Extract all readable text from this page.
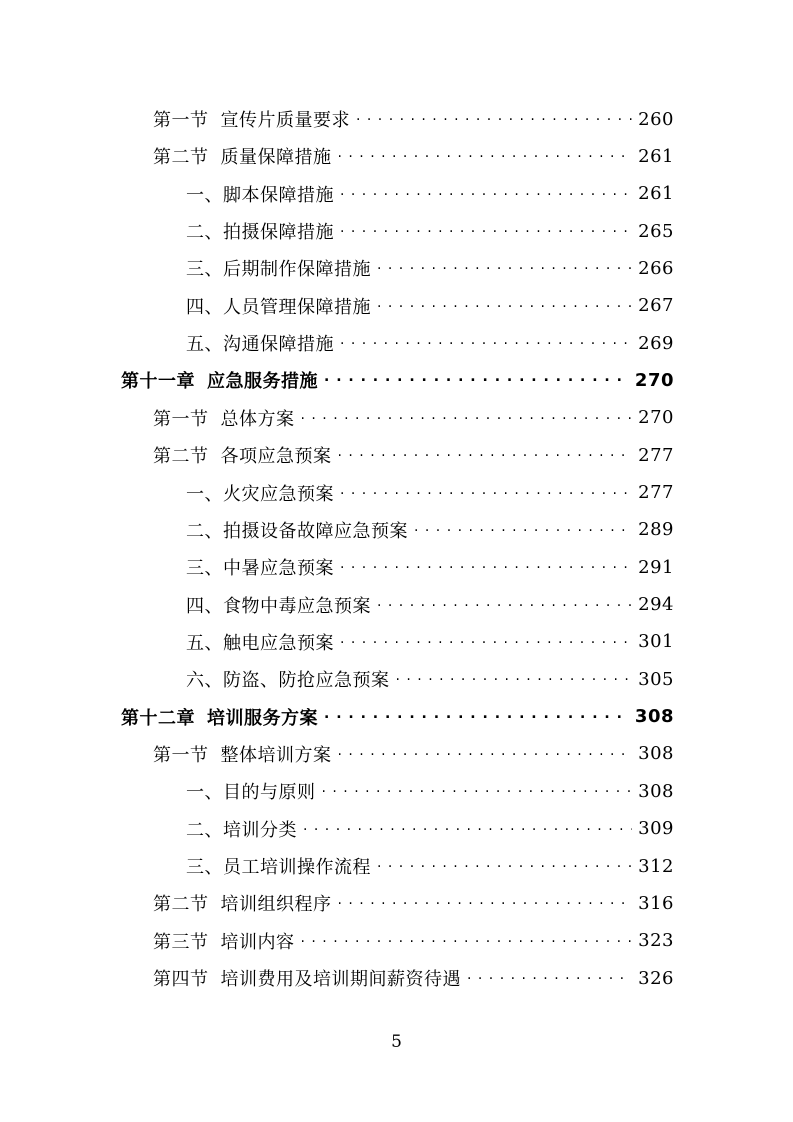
第一节 宣传片质量要求 . . .	260
第二节 质量保障措施 . . .	261
一、脚本保障措施 . . .	261
二、拍摄保障措施 . . .	265
三、后期制作保障措施 . . .	266
四、人员管理保障措施 . . .	267
五、沟通保障措施 . . .	269
第十一章 应急服务措施 . . .	270
第一节 总体方案 . . .	270
第二节 各项应急预案 . . .	277
一、火灾应急预案 . . .	277
二、拍摄设备故障应急预案 . . .	289
三、中暑应急预案 . . .	291
四、食物中毒应急预案 . . .	294
五、触电应急预案 . . .	301
六、防盗、防抢应急预案 . . .	305
第十二章 培训服务方案 . . .	308
第一节 整体培训方案 . . .	308
一、目的与原则 . . .	308
二、培训分类 . . .	309
三、员工培训操作流程 . . .	312
第二节 培训组织程序 . . .	316
第三节 培训内容 . . .	323
第四节 培训费用及培训期间薪资待遇 . . .	326
5
